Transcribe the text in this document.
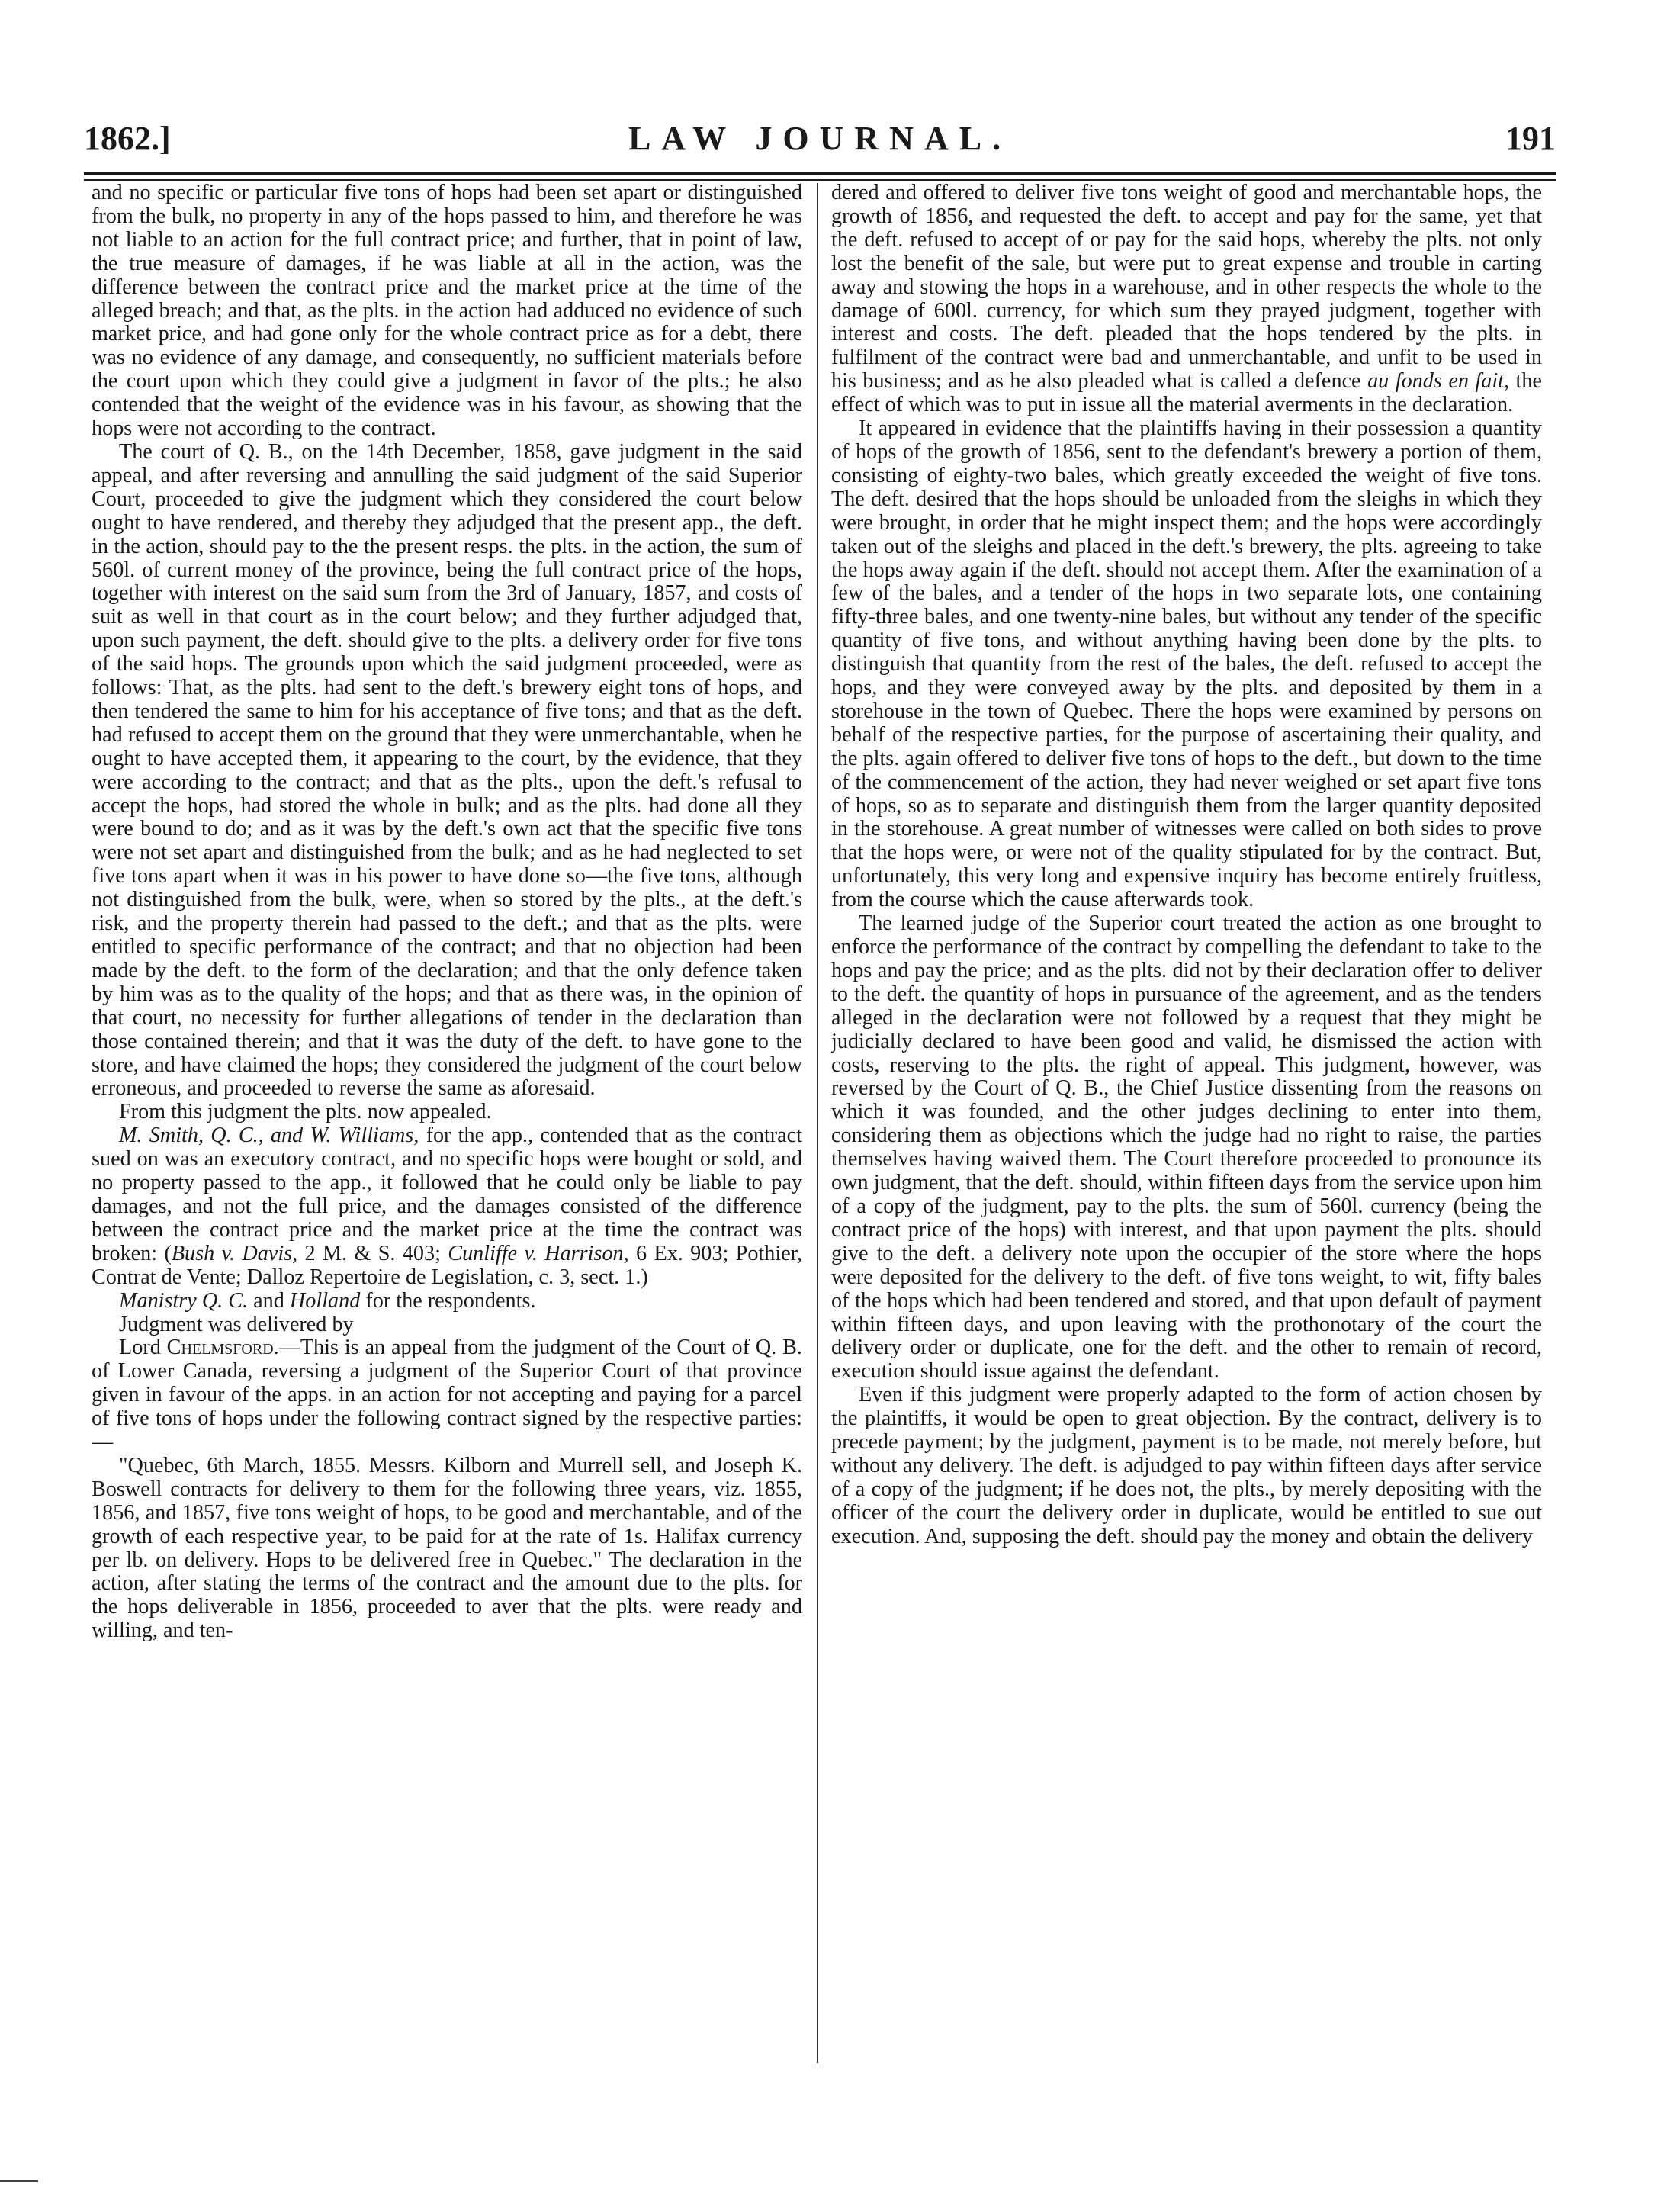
1862.]	LAW JOURNAL.	191

and no specific or particular five tons of hops had been set apart or distinguished from the bulk, no property in any of the hops passed to him, and therefore he was not liable to an action for the full contract price; and further, that in point of law, the true measure of damages, if he was liable at all in the action, was the difference between the contract price and the market price at the time of the alleged breach; and that, as the plts. in the action had adduced no evidence of such market price, and had gone only for the whole contract price as for a debt, there was no evidence of any damage, and consequently, no sufficient materials before the court upon which they could give a judgment in favor of the plts.; he also contended that the weight of the evidence was in his favour, as showing that the hops were not according to the contract.

The court of Q. B., on the 14th December, 1858, gave judgment in the said appeal, and after reversing and annulling the said judgment of the said Superior Court, proceeded to give the judgment which they considered the court below ought to have rendered, and thereby they adjudged that the present app., the deft. in the action, should pay to the the present resps. the plts. in the action, the sum of 560l. of current money of the province, being the full contract price of the hops, together with interest on the said sum from the 3rd of January, 1857, and costs of suit as well in that court as in the court below; and they further adjudged that, upon such payment, the deft. should give to the plts. a delivery order for five tons of the said hops. The grounds upon which the said judgment proceeded, were as follows: That, as the plts. had sent to the deft.'s brewery eight tons of hops, and then tendered the same to him for his acceptance of five tons; and that as the deft. had refused to accept them on the ground that they were unmerchantable, when he ought to have accepted them, it appearing to the court, by the evidence, that they were according to the contract; and that as the plts., upon the deft.'s refusal to accept the hops, had stored the whole in bulk; and as the plts. had done all they were bound to do; and as it was by the deft.'s own act that the specific five tons were not set apart and distinguished from the bulk; and as he had neglected to set five tons apart when it was in his power to have done so—the five tons, although not distinguished from the bulk, were, when so stored by the plts., at the deft.'s risk, and the property therein had passed to the deft.; and that as the plts. were entitled to specific performance of the contract; and that no objection had been made by the deft. to the form of the declaration; and that the only defence taken by him was as to the quality of the hops; and that as there was, in the opinion of that court, no necessity for further allegations of tender in the declaration than those contained therein; and that it was the duty of the deft. to have gone to the store, and have claimed the hops; they considered the judgment of the court below erroneous, and proceeded to reverse the same as aforesaid.

From this judgment the plts. now appealed.

M. Smith, Q. C., and W. Williams, for the app., contended that as the contract sued on was an executory contract, and no specific hops were bought or sold, and no property passed to the app., it followed that he could only be liable to pay damages, and not the full price, and the damages consisted of the difference between the contract price and the market price at the time the contract was broken: (Bush v. Davis, 2 M. & S. 403; Cunliffe v. Harrison, 6 Ex. 903; Pothier, Contrat de Vente; Dalloz Repertoire de Legislation, c. 3, sect. 1.)

Manistry Q. C. and Holland for the respondents.

Judgment was delivered by

Lord Chelmsford.—This is an appeal from the judgment of the Court of Q. B. of Lower Canada, reversing a judgment of the Superior Court of that province given in favour of the apps. in an action for not accepting and paying for a parcel of five tons of hops under the following contract signed by the respective parties:—

"Quebec, 6th March, 1855. Messrs. Kilborn and Murrell sell, and Joseph K. Boswell contracts for delivery to them for the following three years, viz. 1855, 1856, and 1857, five tons weight of hops, to be good and merchantable, and of the growth of each respective year, to be paid for at the rate of 1s. Halifax currency per lb. on delivery. Hops to be delivered free in Quebec." The declaration in the action, after stating the terms of the contract and the amount due to the plts. for the hops deliverable in 1856, proceeded to aver that the plts. were ready and willing, and ten-

dered and offered to deliver five tons weight of good and merchantable hops, the growth of 1856, and requested the deft. to accept and pay for the same, yet that the deft. refused to accept of or pay for the said hops, whereby the plts. not only lost the benefit of the sale, but were put to great expense and trouble in carting away and stowing the hops in a warehouse, and in other respects the whole to the damage of 600l. currency, for which sum they prayed judgment, together with interest and costs. The deft. pleaded that the hops tendered by the plts. in fulfilment of the contract were bad and unmerchantable, and unfit to be used in his business; and as he also pleaded what is called a defence au fonds en fait, the effect of which was to put in issue all the material averments in the declaration.

It appeared in evidence that the plaintiffs having in their possession a quantity of hops of the growth of 1856, sent to the defendant's brewery a portion of them, consisting of eighty-two bales, which greatly exceeded the weight of five tons. The deft. desired that the hops should be unloaded from the sleighs in which they were brought, in order that he might inspect them; and the hops were accordingly taken out of the sleighs and placed in the deft.'s brewery, the plts. agreeing to take the hops away again if the deft. should not accept them. After the examination of a few of the bales, and a tender of the hops in two separate lots, one containing fifty-three bales, and one twenty-nine bales, but without any tender of the specific quantity of five tons, and without anything having been done by the plts. to distinguish that quantity from the rest of the bales, the deft. refused to accept the hops, and they were conveyed away by the plts. and deposited by them in a storehouse in the town of Quebec. There the hops were examined by persons on behalf of the respective parties, for the purpose of ascertaining their quality, and the plts. again offered to deliver five tons of hops to the deft., but down to the time of the commencement of the action, they had never weighed or set apart five tons of hops, so as to separate and distinguish them from the larger quantity deposited in the storehouse. A great number of witnesses were called on both sides to prove that the hops were, or were not of the quality stipulated for by the contract. But, unfortunately, this very long and expensive inquiry has become entirely fruitless, from the course which the cause afterwards took.

The learned judge of the Superior court treated the action as one brought to enforce the performance of the contract by compelling the defendant to take to the hops and pay the price; and as the plts. did not by their declaration offer to deliver to the deft. the quantity of hops in pursuance of the agreement, and as the tenders alleged in the declaration were not followed by a request that they might be judicially declared to have been good and valid, he dismissed the action with costs, reserving to the plts. the right of appeal. This judgment, however, was reversed by the Court of Q. B., the Chief Justice dissenting from the reasons on which it was founded, and the other judges declining to enter into them, considering them as objections which the judge had no right to raise, the parties themselves having waived them. The Court therefore proceeded to pronounce its own judgment, that the deft. should, within fifteen days from the service upon him of a copy of the judgment, pay to the plts. the sum of 560l. currency (being the contract price of the hops) with interest, and that upon payment the plts. should give to the deft. a delivery note upon the occupier of the store where the hops were deposited for the delivery to the deft. of five tons weight, to wit, fifty bales of the hops which had been tendered and stored, and that upon default of payment within fifteen days, and upon leaving with the prothonotary of the court the delivery order or duplicate, one for the deft. and the other to remain of record, execution should issue against the defendant.

Even if this judgment were properly adapted to the form of action chosen by the plaintiffs, it would be open to great objection. By the contract, delivery is to precede payment; by the judgment, payment is to be made, not merely before, but without any delivery. The deft. is adjudged to pay within fifteen days after service of a copy of the judgment; if he does not, the plts., by merely depositing with the officer of the court the delivery order in duplicate, would be entitled to sue out execution. And, supposing the deft. should pay the money and obtain the delivery
